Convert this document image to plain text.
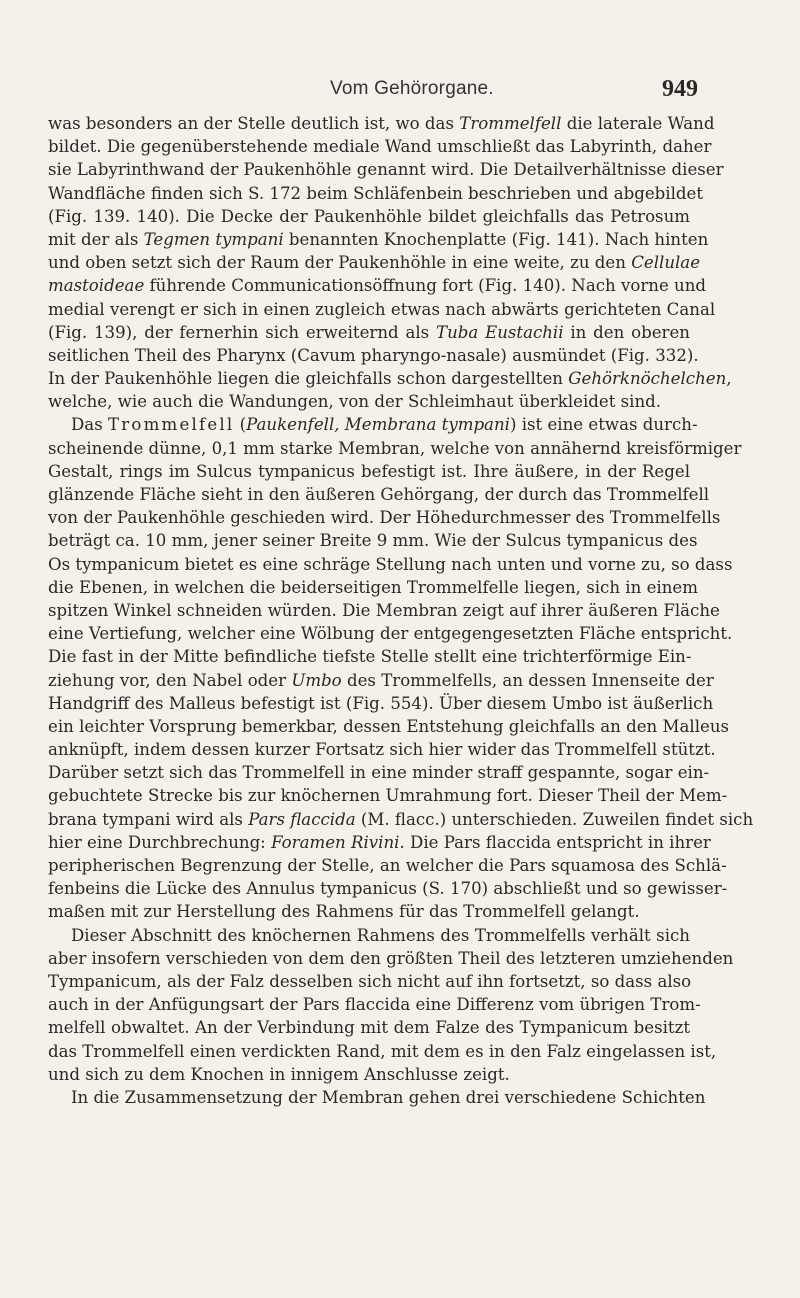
Vom Gehörorgane.	949
was besonders an der Stelle deutlich ist, wo das Trommelfell die laterale Wand
bildet. Die gegenüberstehende mediale Wand umschließt das Labyrinth, daher
sie Labyrinthwand der Paukenhöhle genannt wird. Die Detailverhältnisse dieser
Wandfläche finden sich S. 172 beim Schläfenbein beschrieben und abgebildet
(Fig. 139. 140). Die Decke der Paukenhöhle bildet gleichfalls das Petrosum
mit der als Tegmen tympani benannten Knochenplatte (Fig. 141). Nach hinten
und oben setzt sich der Raum der Paukenhöhle in eine weite, zu den Cellulae
mastoideae führende Communicationsöffnung fort (Fig. 140). Nach vorne und
medial verengt er sich in einen zugleich etwas nach abwärts gerichteten Canal
(Fig. 139), der fernerhin sich erweiternd als Tuba Eustachii in den oberen
seitlichen Theil des Pharynx (Cavum pharyngo-nasale) ausmündet (Fig. 332).
In der Paukenhöhle liegen die gleichfalls schon dargestellten Gehörknöchelchen,
welche, wie auch die Wandungen, von der Schleimhaut überkleidet sind.
Das Trommelfell (Paukenfell, Membrana tympani) ist eine etwas durch-
scheinende dünne, 0,1 mm starke Membran, welche von annähernd kreisförmiger
Gestalt, rings im Sulcus tympanicus befestigt ist. Ihre äußere, in der Regel
glänzende Fläche sieht in den äußeren Gehörgang, der durch das Trommelfell
von der Paukenhöhle geschieden wird. Der Höhedurchmesser des Trommelfells
beträgt ca. 10 mm, jener seiner Breite 9 mm. Wie der Sulcus tympanicus des
Os tympanicum bietet es eine schräge Stellung nach unten und vorne zu, so dass
die Ebenen, in welchen die beiderseitigen Trommelfelle liegen, sich in einem
spitzen Winkel schneiden würden. Die Membran zeigt auf ihrer äußeren Fläche
eine Vertiefung, welcher eine Wölbung der entgegengesetzten Fläche entspricht.
Die fast in der Mitte befindliche tiefste Stelle stellt eine trichterförmige Ein-
ziehung vor, den Nabel oder Umbo des Trommelfells, an dessen Innenseite der
Handgriff des Malleus befestigt ist (Fig. 554). Über diesem Umbo ist äußerlich
ein leichter Vorsprung bemerkbar, dessen Entstehung gleichfalls an den Malleus
anknüpft, indem dessen kurzer Fortsatz sich hier wider das Trommelfell stützt.
Darüber setzt sich das Trommelfell in eine minder straff gespannte, sogar ein-
gebuchtete Strecke bis zur knöchernen Umrahmung fort. Dieser Theil der Mem-
brana tympani wird als Pars flaccida (M. flacc.) unterschieden. Zuweilen findet sich
hier eine Durchbrechung: Foramen Rivini. Die Pars flaccida entspricht in ihrer
peripherischen Begrenzung der Stelle, an welcher die Pars squamosa des Schlä-
fenbeins die Lücke des Annulus tympanicus (S. 170) abschließt und so gewisser-
maßen mit zur Herstellung des Rahmens für das Trommelfell gelangt.
Dieser Abschnitt des knöchernen Rahmens des Trommelfells verhält sich
aber insofern verschieden von dem den größten Theil des letzteren umziehenden
Tympanicum, als der Falz desselben sich nicht auf ihn fortsetzt, so dass also
auch in der Anfügungsart der Pars flaccida eine Differenz vom übrigen Trom-
melfell obwaltet. An der Verbindung mit dem Falze des Tympanicum besitzt
das Trommelfell einen verdickten Rand, mit dem es in den Falz eingelassen ist,
und sich zu dem Knochen in innigem Anschlusse zeigt.
In die Zusammensetzung der Membran gehen drei verschiedene Schichten
